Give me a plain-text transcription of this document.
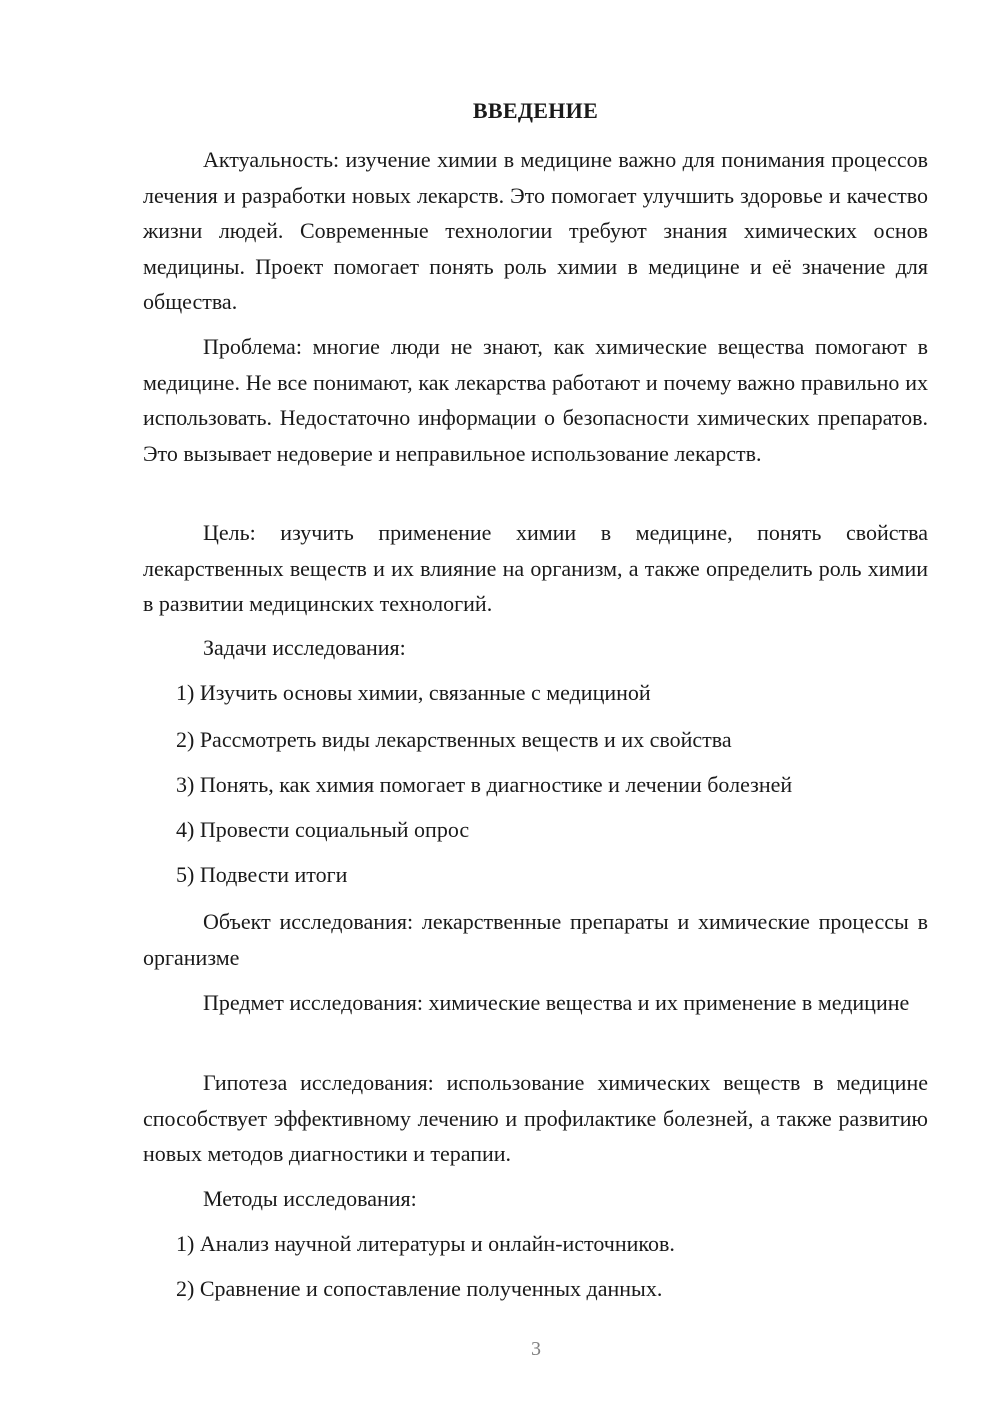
ВВЕДЕНИЕ

Актуальность: изучение химии в медицине важно для понимания процессов лечения и разработки новых лекарств. Это помогает улучшить здоровье и качество жизни людей. Современные технологии требуют знания химических основ медицины. Проект помогает понять роль химии в медицине и её значение для общества.

Проблема: многие люди не знают, как химические вещества помогают в медицине. Не все понимают, как лекарства работают и почему важно правильно их использовать. Недостаточно информации о безопасности химических препаратов. Это вызывает недоверие и неправильное использование лекарств.

Цель: изучить применение химии в медицине, понять свойства лекарственных веществ и их влияние на организм, а также определить роль химии в развитии медицинских технологий.

Задачи исследования:

1) Изучить основы химии, связанные с медициной

2) Рассмотреть виды лекарственных веществ и их свойства

3) Понять, как химия помогает в диагностике и лечении болезней

4) Провести социальный опрос

5) Подвести итоги

Объект исследования: лекарственные препараты и химические процессы в организме

Предмет исследования: химические вещества и их применение в медицине

Гипотеза исследования: использование химических веществ в медицине способствует эффективному лечению и профилактике болезней, а также развитию новых методов диагностики и терапии.

Методы исследования:

1) Анализ научной литературы и онлайн-источников.

2) Сравнение и сопоставление полученных данных.

3
